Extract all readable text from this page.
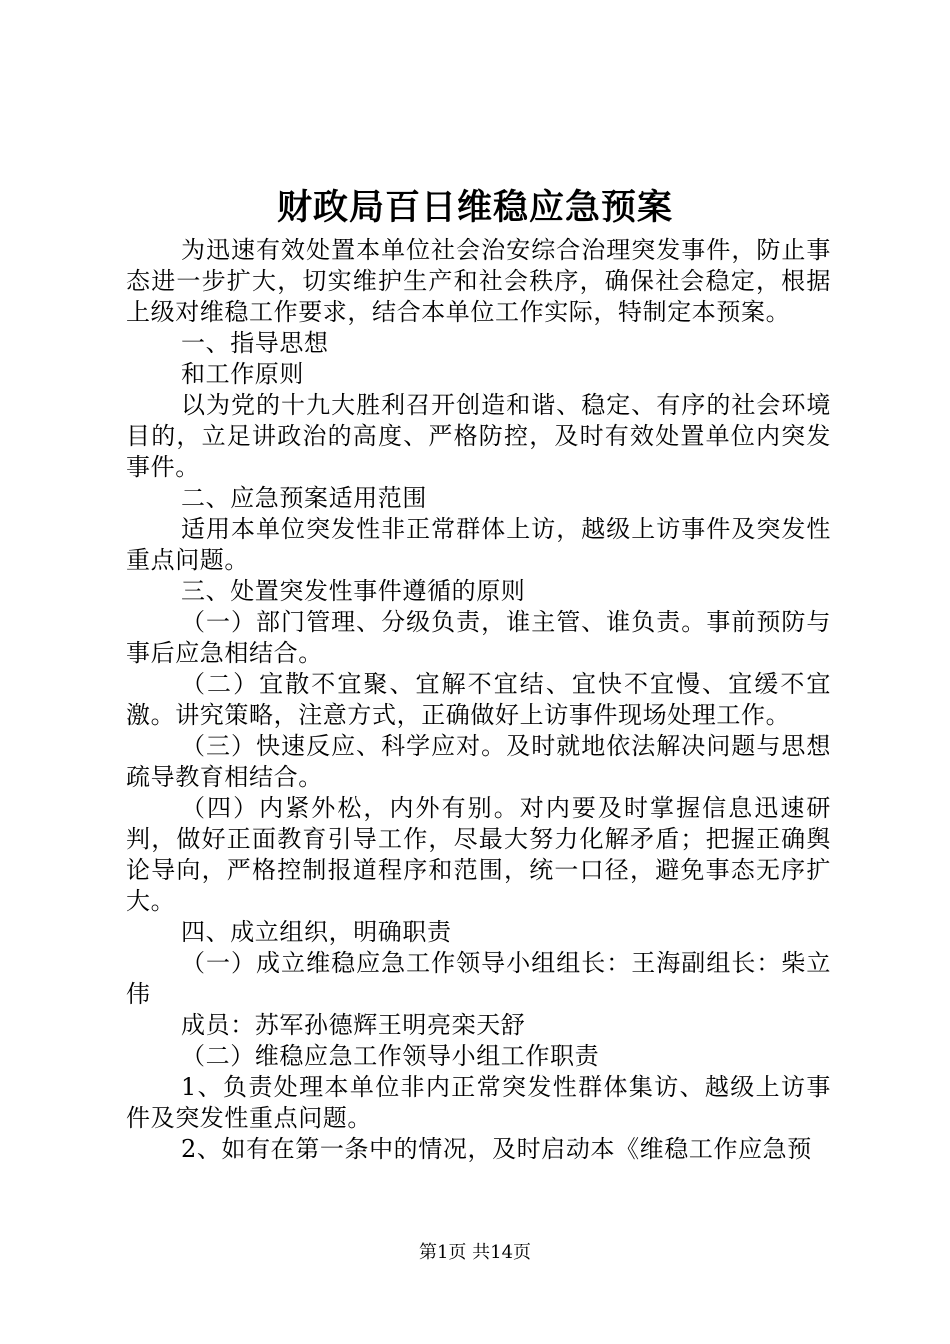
财政局百日维稳应急预案

为迅速有效处置本单位社会治安综合治理突发事件，防止事态进一步扩大，切实维护生产和社会秩序，确保社会稳定，根据上级对维稳工作要求，结合本单位工作实际，特制定本预案。

一、指导思想

和工作原则

以为党的十九大胜利召开创造和谐、稳定、有序的社会环境目的，立足讲政治的高度、严格防控，及时有效处置单位内突发事件。

二、应急预案适用范围

适用本单位突发性非正常群体上访，越级上访事件及突发性重点问题。

三、处置突发性事件遵循的原则

（一）部门管理、分级负责，谁主管、谁负责。事前预防与事后应急相结合。

（二）宜散不宜聚、宜解不宜结、宜快不宜慢、宜缓不宜激。讲究策略，注意方式，正确做好上访事件现场处理工作。

（三）快速反应、科学应对。及时就地依法解决问题与思想疏导教育相结合。

（四）内紧外松，内外有别。对内要及时掌握信息迅速研判，做好正面教育引导工作，尽最大努力化解矛盾；把握正确舆论导向，严格控制报道程序和范围，统一口径，避免事态无序扩大。

四、成立组织，明确职责

（一）成立维稳应急工作领导小组组长：王海副组长：柴立伟

成员：苏军孙德辉王明亮栾天舒

（二）维稳应急工作领导小组工作职责

1、负责处理本单位非内正常突发性群体集访、越级上访事件及突发性重点问题。

2、如有在第一条中的情况，及时启动本《维稳工作应急预

第1页 共14页
